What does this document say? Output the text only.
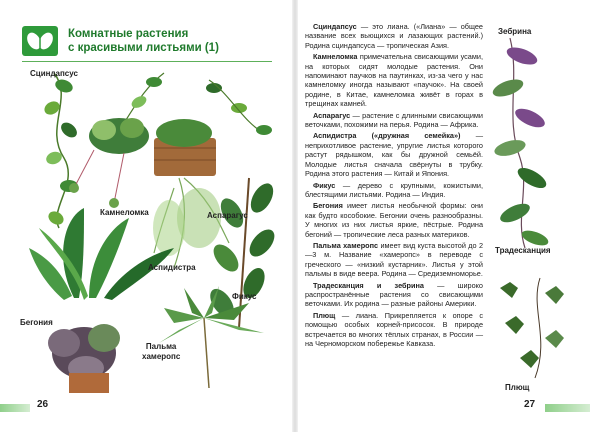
Комнатные растения
с красивыми листьями (1)
Сциндапсус
Камнеломка	Аспарагус
Аспидистра
Фикус
Бегония
Пальма
хамеропс

Сциндапсус — это лиана. («Лиана» — общее название всех вьющихся и лазающих растений.) Родина сциндапсуса — тропическая Азия.

Камнеломка примечательна свисающими усами, на которых сидят молодые растения. Они напоминают паучков на паутинках, из-за чего у нас камнеломку иногда называют «паучок». На своей родине, в Китае, камнеломка живёт в горах в трещинах камней.

Аспарагус — растение с длинными свисающими веточками, похожими на перья. Родина — Африка.

Аспидистра («дружная семейка») — неприхотливое растение, упругие листья которого растут рядышком, как бы дружной семьёй. Молодые листья сначала свёрнуты в трубку. Родина этого растения — Китай и Япония.

Фикус — дерево с крупными, кожистыми, блестящими листьями. Родина — Индия.

Бегония имеет листья необычной формы: они как будто кособокие. Бегонии очень разнообразны. У многих из них листья яркие, пёстрые. Родина бегоний — тропические леса разных материков.

Пальма хамеропс имеет вид куста высотой до 2—3 м. Название «хамеропс» в переводе с греческого — «низкий кустарник». Листья у этой пальмы в виде веера. Родина — Средиземноморье.

Традесканция и зебрина — широко распространённые растения со свисающими веточками. Их родина — разные районы Америки.

Плющ — лиана. Прикрепляется к опоре с помощью особых корней-присосок. В природе встречается во многих тёплых странах, в России — на Черноморском побережье Кавказа.

Зебрина
Традесканция
Плющ
26	27
